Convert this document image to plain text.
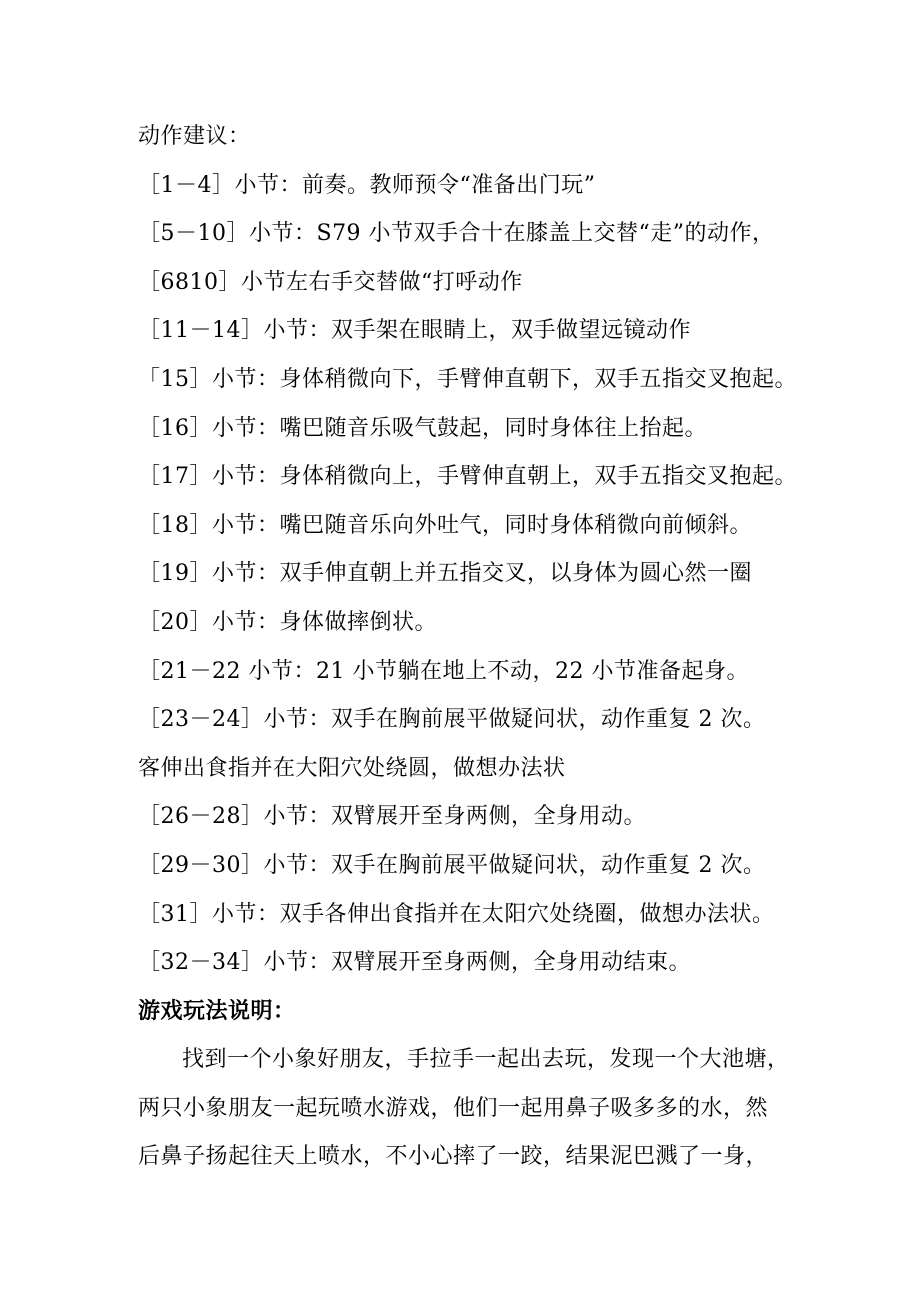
动作建议：
［1－4］小节：前奏。教师预令“准备出门玩”
［5－10］小节：S79 小节双手合十在膝盖上交替“走”的动作，
［6810］小节左右手交替做“打呼动作
［11－14］小节：双手架在眼睛上，双手做望远镜动作
「15］小节：身体稍微向下，手臂伸直朝下，双手五指交叉抱起。
［16］小节：嘴巴随音乐吸气鼓起，同时身体往上抬起。
［17］小节：身体稍微向上，手臂伸直朝上，双手五指交叉抱起。
［18］小节：嘴巴随音乐向外吐气，同时身体稍微向前倾斜。
［19］小节：双手伸直朝上并五指交叉，以身体为圆心然一圈
［20］小节：身体做摔倒状。
［21－22 小节：21 小节躺在地上不动，22 小节准备起身。
［23－24］小节：双手在胸前展平做疑问状，动作重复 2 次。
客伸出食指并在大阳穴处绕圆，做想办法状
［26－28］小节：双臂展开至身两侧，全身用动。
［29－30］小节：双手在胸前展平做疑问状，动作重复 2 次。
［31］小节：双手各伸出食指并在太阳穴处绕圈，做想办法状。
［32－34］小节：双臂展开至身两侧，全身用动结束。
游戏玩法说明：
找到一个小象好朋友，手拉手一起出去玩，发现一个大池塘，
两只小象朋友一起玩喷水游戏，他们一起用鼻子吸多多的水，然
后鼻子扬起往天上喷水，不小心摔了一跤，结果泥巴溅了一身，
